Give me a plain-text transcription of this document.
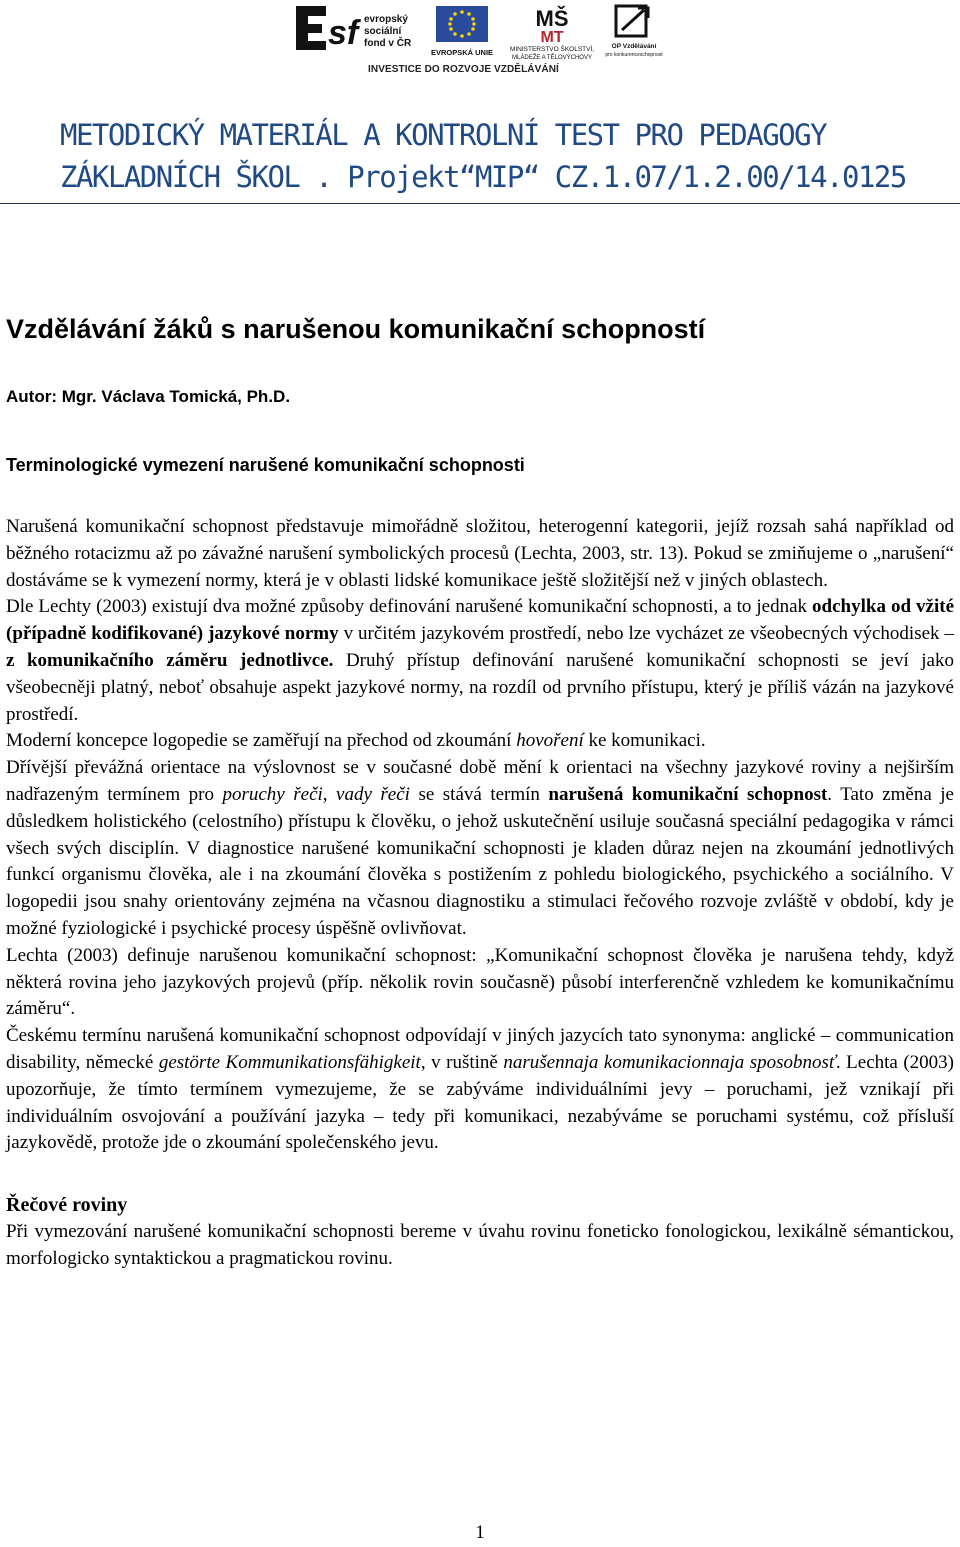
sf evropský
sociální
fond v ČR
EVROPSKÁ UNIE
MŠ
MT
MINISTERSTVO ŠKOLSTVÍ,
MLÁDEŽE A TĚLOVÝCHOVY
OP Vzdělávání
pro konkurenceschopnost
INVESTICE DO ROZVOJE VZDĚLÁVÁNÍ
METODICKÝ MATERIÁL A KONTROLNÍ TEST PRO PEDAGOGY
ZÁKLADNÍCH ŠKOL . Projekt“MIP“ CZ.1.07/1.2.00/14.0125
Vzdělávání žáků s narušenou komunikační schopností
Autor: Mgr. Václava Tomická, Ph.D.
Terminologické vymezení narušené komunikační schopnosti

Narušená komunikační schopnost představuje mimořádně složitou, heterogenní kategorii, jejíž rozsah sahá například od běžného rotacizmu až po závažné narušení symbolických procesů (Lechta, 2003, str. 13). Pokud se zmiňujeme o „narušení“ dostáváme se k vymezení normy, která je v oblasti lidské komunikace ještě složitější než v jiných oblastech.

Dle Lechty (2003) existují dva možné způsoby definování narušené komunikační schopnosti, a to jednak odchylka od vžité (případně kodifikované) jazykové normy v určitém jazykovém prostředí, nebo lze vycházet ze všeobecných východisek – z komunikačního záměru jednotlivce. Druhý přístup definování narušené komunikační schopnosti se jeví jako všeobecněji platný, neboť obsahuje aspekt jazykové normy, na rozdíl od prvního přístupu, který je příliš vázán na jazykové prostředí.

Moderní koncepce logopedie se zaměřují na přechod od zkoumání hovoření ke komunikaci.

Dřívější převážná orientace na výslovnost se v současné době mění k orientaci na všechny jazykové roviny a nejširším nadřazeným termínem pro poruchy řeči, vady řeči se stává termín narušená komunikační schopnost. Tato změna je důsledkem holistického (celostního) přístupu k člověku, o jehož uskutečnění usiluje současná speciální pedagogika v rámci všech svých disciplín. V diagnostice narušené komunikační schopnosti je kladen důraz nejen na zkoumání jednotlivých funkcí organismu člověka, ale i na zkoumání člověka s postižením z pohledu biologického, psychického a sociálního. V logopedii jsou snahy orientovány zejména na včasnou diagnostiku a stimulaci řečového rozvoje zvláště v období, kdy je možné fyziologické i psychické procesy úspěšně ovlivňovat.

Lechta (2003) definuje narušenou komunikační schopnost: „Komunikační schopnost člověka je narušena tehdy, když některá rovina jeho jazykových projevů (příp. několik rovin současně) působí interferenčně vzhledem ke komunikačnímu záměru“.

Českému termínu narušená komunikační schopnost odpovídají v jiných jazycích tato synonyma: anglické – communication disability, německé gestörte Kommunikationsfähigkeit, v ruštině narušennaja komunikacionnaja sposobnosť. Lechta (2003) upozorňuje, že tímto termínem vymezujeme, že se zabýváme individuálními jevy – poruchami, jež vznikají při individuálním osvojování a používání jazyka – tedy při komunikaci, nezabýváme se poruchami systému, což přísluší jazykovědě, protože jde o zkoumání společenského jevu.

Řečové roviny

Při vymezování narušené komunikační schopnosti bereme v úvahu rovinu foneticko fonologickou, lexikálně sémantickou, morfologicko syntaktickou a pragmatickou rovinu.

1
